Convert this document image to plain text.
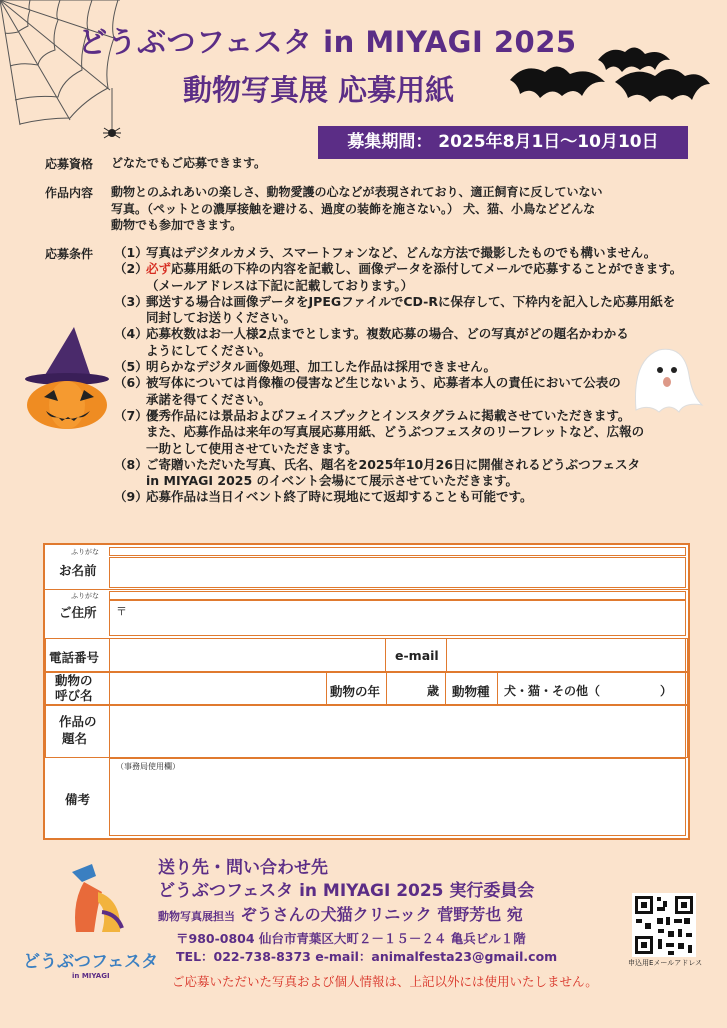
どうぶつフェスタ in MIYAGI 2025
動物写真展 応募用紙
募集期間： 2025年8月1日～10月10日
応募資格 どなたでもご応募できます。
作品内容 動物とのふれあいの楽しさ、動物愛護の心などが表現されており、適正飼育に反していない
写真。（ペットとの濃厚接触を避ける、過度の装飾を施さない。） 犬、猫、小鳥などどんな
動物でも参加できます。
応募条件 （1）
写真はデジタルカメラ、スマートフォンなど、どんな方法で撮影したものでも構いません。
（2）
必ず 応募用紙の下枠の内容を記載し、画像データを添付してメールで応募することができます。
（メールアドレスは下記に記載しております。）
（3）
郵送する場合は画像データをJPEGファイルでCD-Rに保存して、下枠内を記入した応募用紙を
同封してお送りください。
（4）
応募枚数はお一人様2点までとします。複数応募の場合、どの写真がどの題名かわかる
ようにしてください。
（5）
明らかなデジタル画像処理、加工した作品は採用できません。
（6）
被写体については肖像権の侵害など生じないよう、応募者本人の責任において公表の
承諾を得てください。
（7）
優秀作品には景品およびフェイスブックとインスタグラムに掲載させていただきます。
また、応募作品は来年の写真展応募用紙、どうぶつフェスタのリーフレットなど、広報の
一助として使用させていただきます。
（8）
ご寄贈いただいた写真、氏名、題名を2025年10月26日に開催されるどうぶつフェスタ
in MIYAGI 2025 のイベント会場にて展示させていただきます。
（9）
応募作品は当日イベント終了時に現地にて返却することも可能です。
ふりがな
お名前
ふりがな
ご住所 〒
電話番号	e-mail
動物の
呼び名	動物の年	歳 動物種 犬・猫・その他（　　　　　）
作品の
題名
備考
（事務局使用欄）
どうぶつフェスタ
in MIYAGI
送り先・問い合わせ先
どうぶつフェスタ in MIYAGI 2025 実行委員会
動物写真展担当 ぞうさんの犬猫クリニック 菅野芳也 宛
〒980-0804 仙台市青葉区大町２－１５－２４ 亀兵ビル１階
TEL：022-738-8373 e-mail：animalfesta23@gmail.com
ご応募いただいた写真および個人情報は、上記以外には使用いたしません。
申込用Eメールアドレス
